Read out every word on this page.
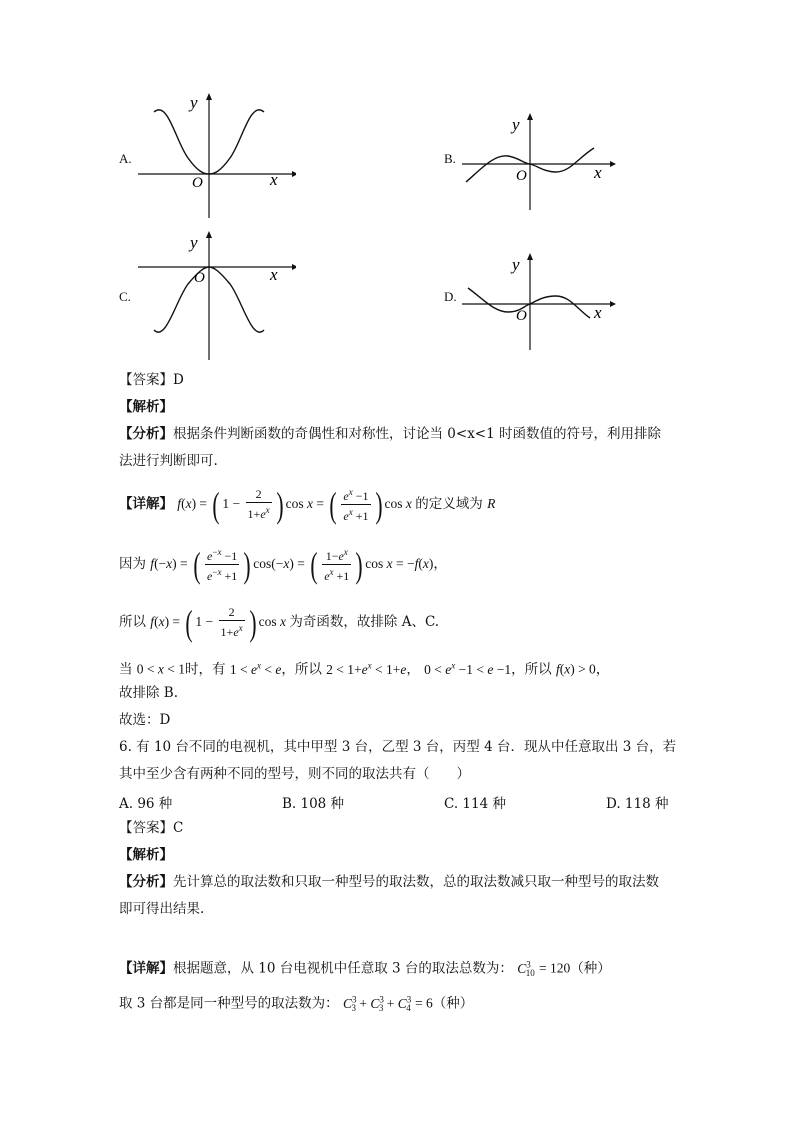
A.
y
x
O
B.
y
x
O
C.
y
x
O
D.
y
x
O
【答案】D
【解析】
【分析】根据条件判断函数的奇偶性和对称性，讨论当 0<x<1 时函数值的符号，利用排除
法进行判断即可.
【详解】 f(x) = ( $1 - \frac{2}{1+e^x}$ ) cos x = ( $\frac{e^x -1}{e^x +1}$ ) cos x 的定义域为 R
因为 f(−x) = ( $\frac{e^{-x} -1}{e^{-x} +1}$ ) cos(−x) = ( $\frac{1-e^x}{e^x +1}$ ) cos x = −f(x)，
所以 f(x) = ( $1 - \frac{2}{1+e^x}$ ) cos x 为奇函数，故排除 A、C.
当 0 < x < 1时，有 $1 < e^x < e$，所以 $2 < 1+e^x < 1+e$， $0 < e^x -1 < e -1$，所以 f(x) > 0，
故排除 B.
故选：D
6. 有 10 台不同的电视机，其中甲型 3 台，乙型 3 台，丙型 4 台．现从中任意取出 3 台，若
其中至少含有两种不同的型号，则不同的取法共有（　　）
A. 96 种	B. 108 种	C. 114 种	D. 118 种
【答案】C
【解析】
【分析】先计算总的取法数和只取一种型号的取法数，总的取法数减只取一种型号的取法数
即可得出结果.
【详解】根据题意，从 10 台电视机中任意取 3 台的取法总数为： $C^3_{10} = 120$（种）
取 3 台都是同一种型号的取法数为： $C^3_3 + C^3_3 + C^3_4 = 6$（种）
